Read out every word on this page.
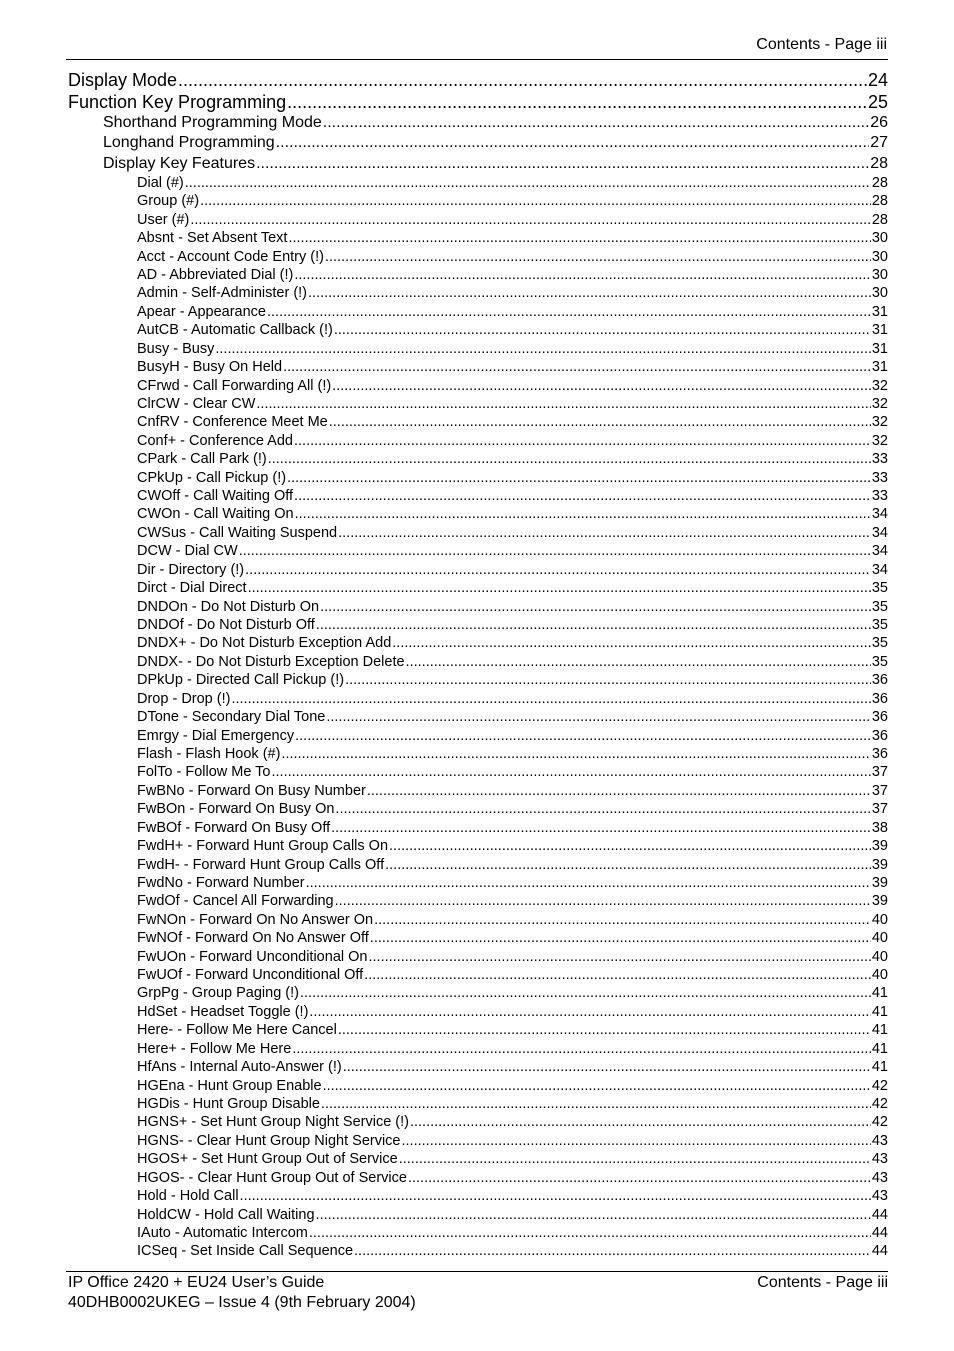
Contents - Page iii
Display Mode .....	24
Function Key Programming .....	25
Shorthand Programming Mode .....	26
Longhand Programming .....	27
Display Key Features .....	28
Dial (#) .....	28
Group (#) .....	28
User (#) .....	28
Absnt - Set Absent Text .....	30
Acct - Account Code Entry (!) .....	30
AD - Abbreviated Dial (!) .....	30
Admin - Self-Administer (!) .....	30
Apear - Appearance .....	31
AutCB - Automatic Callback (!) .....	31
Busy - Busy .....	31
BusyH - Busy On Held .....	31
CFrwd - Call Forwarding All (!) .....	32
ClrCW - Clear CW .....	32
CnfRV - Conference Meet Me .....	32
Conf+ - Conference Add .....	32
CPark - Call Park (!) .....	33
CPkUp - Call Pickup (!) .....	33
CWOff - Call Waiting Off .....	33
CWOn - Call Waiting On .....	34
CWSus - Call Waiting Suspend .....	34
DCW - Dial CW .....	34
Dir - Directory (!) .....	34
Dirct - Dial Direct .....	35
DNDOn - Do Not Disturb On .....	35
DNDOf - Do Not Disturb Off .....	35
DNDX+ - Do Not Disturb Exception Add .....	35
DNDX- - Do Not Disturb Exception Delete .....	35
DPkUp - Directed Call Pickup (!) .....	36
Drop - Drop (!) .....	36
DTone - Secondary Dial Tone .....	36
Emrgy - Dial Emergency .....	36
Flash - Flash Hook (#) .....	36
FolTo - Follow Me To .....	37
FwBNo - Forward On Busy Number .....	37
FwBOn - Forward On Busy On .....	37
FwBOf - Forward On Busy Off .....	38
FwdH+ - Forward Hunt Group Calls On .....	39
FwdH- - Forward Hunt Group Calls Off .....	39
FwdNo - Forward Number .....	39
FwdOf - Cancel All Forwarding .....	39
FwNOn - Forward On No Answer On .....	40
FwNOf - Forward On No Answer Off .....	40
FwUOn - Forward Unconditional On .....	40
FwUOf - Forward Unconditional Off .....	40
GrpPg - Group Paging (!) .....	41
HdSet - Headset Toggle (!) .....	41
Here- - Follow Me Here Cancel .....	41
Here+ - Follow Me Here .....	41
HfAns - Internal Auto-Answer (!) .....	41
HGEna - Hunt Group Enable .....	42
HGDis - Hunt Group Disable .....	42
HGNS+ - Set Hunt Group Night Service (!) .....	42
HGNS- - Clear Hunt Group Night Service .....	43
HGOS+ - Set Hunt Group Out of Service .....	43
HGOS- - Clear Hunt Group Out of Service .....	43
Hold - Hold Call .....	43
HoldCW - Hold Call Waiting .....	44
IAuto - Automatic Intercom .....	44
ICSeq - Set Inside Call Sequence .....	44
IP Office 2420 + EU24 User’s Guide
40DHB0002UKEG – Issue 4 (9th February 2004)
Contents - Page iii
